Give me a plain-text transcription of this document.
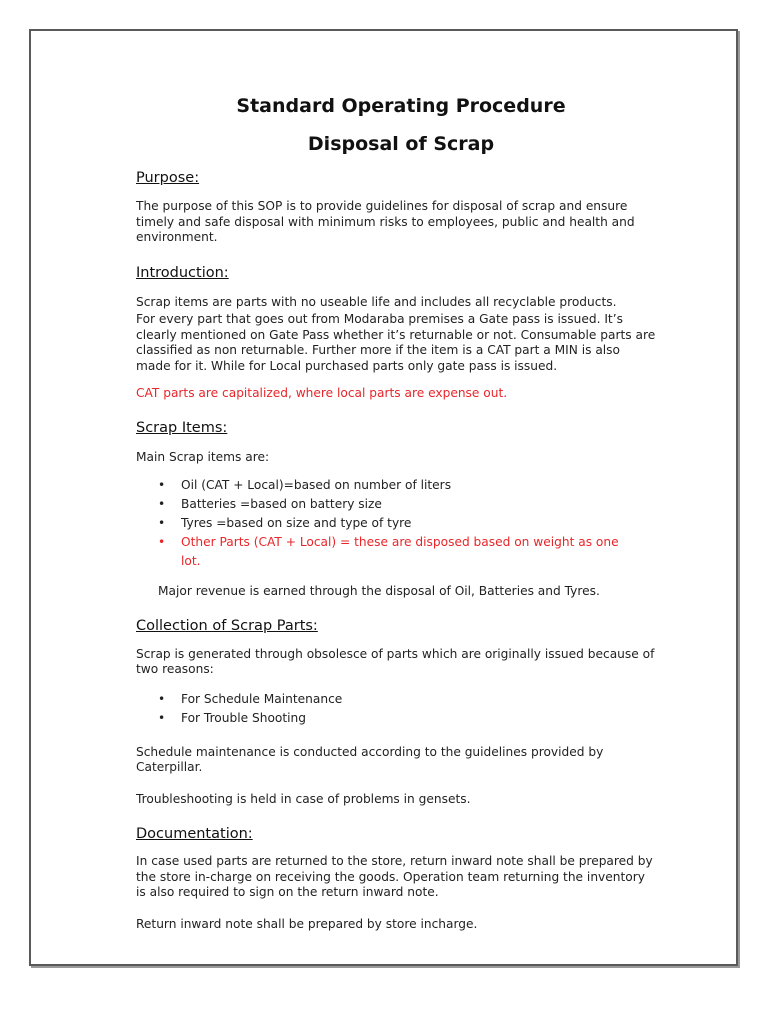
Standard Operating Procedure
Disposal of Scrap
Purpose:

The purpose of this SOP is to provide guidelines for disposal of scrap and ensure timely and safe disposal with minimum risks to employees, public and health and environment.

Introduction:

Scrap items are parts with no useable life and includes all recyclable products.

For every part that goes out from Modaraba premises a Gate pass is issued. It’s clearly mentioned on Gate Pass whether it’s returnable or not. Consumable parts are classified as non returnable. Further more if the item is a CAT part a MIN is also made for it. While for Local purchased parts only gate pass is issued.

CAT parts are capitalized, where local parts are expense out.

Scrap Items:

Main Scrap items are:

• Oil (CAT + Local)=based on number of liters
• Batteries =based on battery size
• Tyres =based on size and type of tyre
• Other Parts (CAT + Local) = these are disposed based on weight as one lot.

Major revenue is earned through the disposal of Oil, Batteries and Tyres.

Collection of Scrap Parts:

Scrap is generated through obsolesce of parts which are originally issued because of two reasons:

• For Schedule Maintenance
• For Trouble Shooting

Schedule maintenance is conducted according to the guidelines provided by Caterpillar.

Troubleshooting is held in case of problems in gensets.

Documentation:

In case used parts are returned to the store, return inward note shall be prepared by the store in-charge on receiving the goods. Operation team returning the inventory is also required to sign on the return inward note.

Return inward note shall be prepared by store incharge.
